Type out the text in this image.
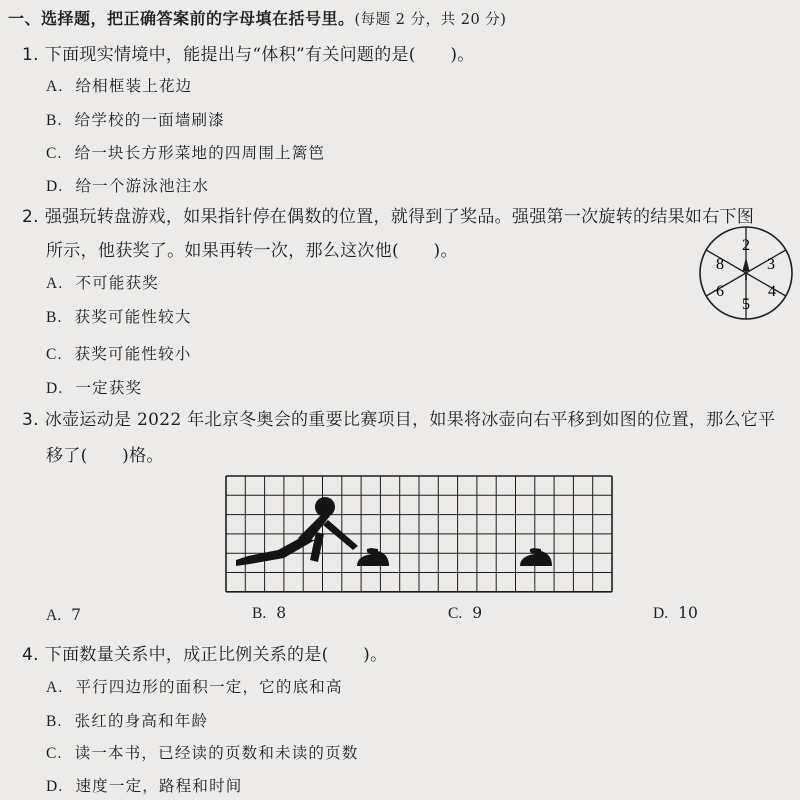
一、选择题，把正确答案前的字母填在括号里。(每题 2 分，共 20 分)
1. 下面现实情境中，能提出与“体积”有关问题的是(　　)。
A. 给相框装上花边
B. 给学校的一面墙刷漆
C. 给一块长方形菜地的四周围上篱笆
D. 给一个游泳池注水
2. 强强玩转盘游戏，如果指针停在偶数的位置，就得到了奖品。强强第一次旋转的结果如右下图
所示，他获奖了。如果再转一次，那么这次他(　　)。
A. 不可能获奖
B. 获奖可能性较大
C. 获奖可能性较小
D. 一定获奖
2
3
4
5
6
8
3. 冰壶运动是 2022 年北京冬奥会的重要比赛项目，如果将冰壶向右平移到如图的位置，那么它平
移了(　　)格。
A. 7	B. 8	C. 9	D. 10
4. 下面数量关系中，成正比例关系的是(　　)。
A. 平行四边形的面积一定，它的底和高
B. 张红的身高和年龄
C. 读一本书，已经读的页数和未读的页数
D. 速度一定，路程和时间
